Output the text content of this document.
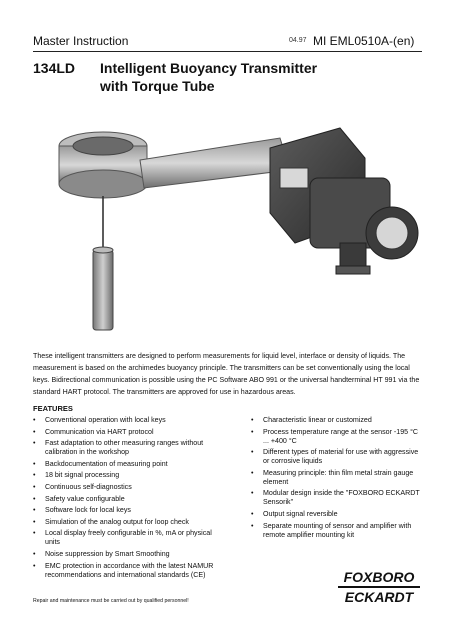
Master Instruction	04.97 MI EML0510A-(en)
134LD Intelligent Buoyancy Transmitter
with Torque Tube
These intelligent transmitters are designed to perform measurements for liquid level, interface or density of liquids. The measurement is based on the archimedes buoyancy principle. The transmitters can be set conventionally using the local keys. Bidirectional communication is possible using the PC Software ABO 991 or the universal handterminal HT 991 via the standard HART protocol. The transmitters are approved for use in hazardous areas.
FEATURES
• Conventional operation with local keys
• Communication via HART protocol
• Fast adaptation to other measuring ranges without calibration in the workshop
• Backdocumentation of measuring point
• 18 bit signal processing
• Continuous self-diagnostics
• Safety value configurable
• Software lock for local keys
• Simulation of the analog output for loop check
• Local display freely configurable in %, mA or physical units
• Noise suppression by Smart Smoothing
• EMC protection in accordance with the latest NAMUR recommendations and international standards (CE)
• Characteristic linear or customized
• Process temperature range at the sensor -195 °C ... +400 °C
• Different types of material for use with aggressive or corrosive liquids
• Measuring principle: thin film metal strain gauge element
• Modular design inside the "FOXBORO ECKARDT Sensorik"
• Output signal reversible
• Separate mounting of sensor and amplifier with remote amplifier mounting kit
Repair and maintenance must be carried out by qualified personnel!
FOXBORO
ECKARDT
